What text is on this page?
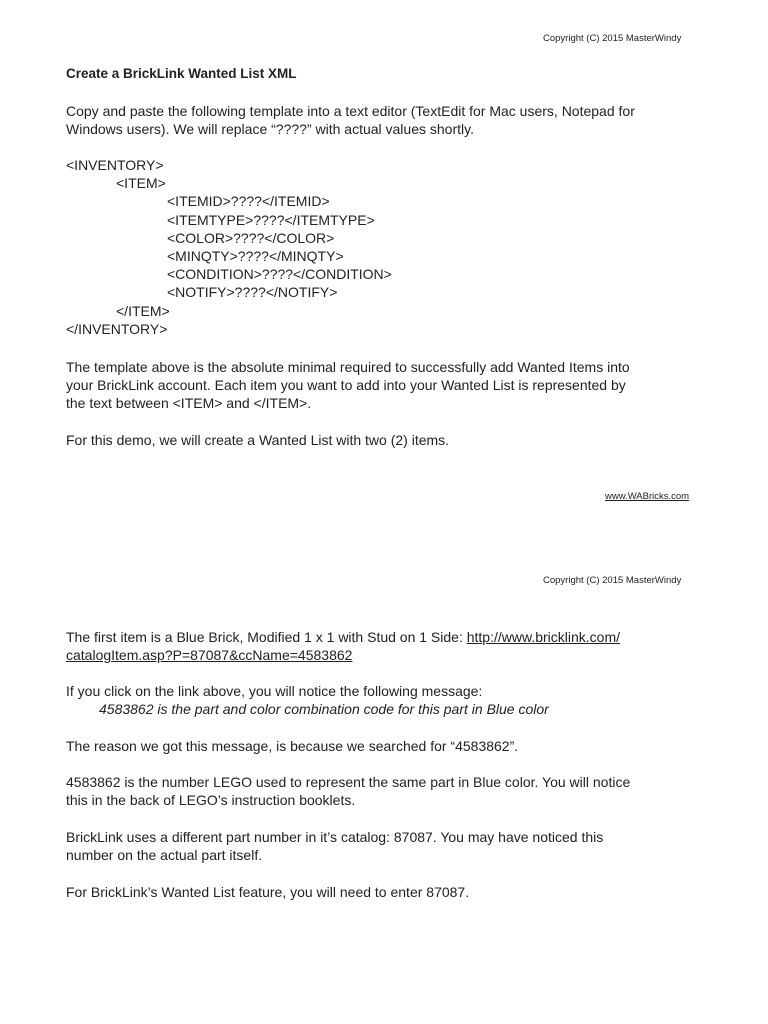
Copyright (C) 2015 MasterWindy

Create a BrickLink Wanted List XML

Copy and paste the following template into a text editor (TextEdit for Mac users, Notepad for
Windows users). We will replace “????” with actual values shortly.
<INVENTORY>
<ITEM>
<ITEMID>????</ITEMID>
<ITEMTYPE>????</ITEMTYPE>
<COLOR>????</COLOR>
<MINQTY>????</MINQTY>
<CONDITION>????</CONDITION>
<NOTIFY>????</NOTIFY>
</ITEM>
</INVENTORY>
The template above is the absolute minimal required to successfully add Wanted Items into
your BrickLink account. Each item you want to add into your Wanted List is represented by
the text between <ITEM> and </ITEM>.

For this demo, we will create a Wanted List with two (2) items.

www.WABricks.com

Copyright (C) 2015 MasterWindy

The first item is a Blue Brick, Modified 1 x 1 with Stud on 1 Side: http://www.bricklink.com/
catalogItem.asp?P=87087&ccName=4583862
If you click on the link above, you will notice the following message:
4583862 is the part and color combination code for this part in Blue color

The reason we got this message, is because we searched for “4583862”.

4583862 is the number LEGO used to represent the same part in Blue color. You will notice
this in the back of LEGO’s instruction booklets.
BrickLink uses a different part number in it’s catalog: 87087. You may have noticed this
number on the actual part itself.

For BrickLink’s Wanted List feature, you will need to enter 87087.
